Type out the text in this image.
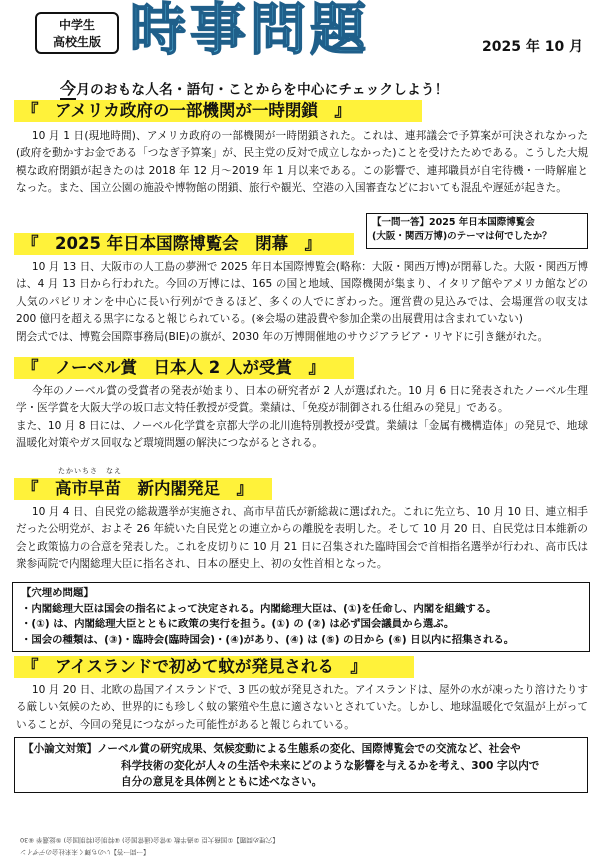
中学生
高校生版 時事問題	2025 年 10 月
今月のおもな人名・語句・ことからを中心にチェックしよう！
『　アメリカ政府の一部機関が一時閉鎖　』

10 月 1 日(現地時間)、アメリカ政府の一部機関が一時閉鎖された。これは、連邦議会で予算案が可決されなかった(政府を動かすお金である「つなぎ予算案」が、民主党の反対で成立しなかった)ことを受けたためである。こうした大規模な政府閉鎖が起きたのは 2018 年 12 月～2019 年 1 月以来である。この影響で、連邦職員が自宅待機・一時解雇となった。また、国立公園の施設や博物館の閉鎖、旅行や観光、空港の入国審査などにおいても混乱や遅延が起きた。

【一問一答】2025 年日本国際博覧会
(大阪・関西万博)のテーマは何でしたか？
『　2025 年日本国際博覧会　閉幕　』

10 月 13 日、大阪市の人工島の夢洲で 2025 年日本国際博覧会(略称：大阪・関西万博)が閉幕した。大阪・関西万博は、4 月 13 日から行われた。今回の万博には、165 の国と地域、国際機関が集まり、イタリア館やアメリカ館などの人気のパビリオンを中心に長い行列ができるほど、多くの人でにぎわった。運営費の見込みでは、会場運営の収支は 200 億円を超える黒字になると報じられている。(※会場の建設費や参加企業の出展費用は含まれていない)

閉会式では、博覧会国際事務局(BIE)の旗が、2030 年の万博開催地のサウジアラビア・リヤドに引き継がれた。

『　ノーベル賞　日本人 2 人が受賞　』

今年のノーベル賞の受賞者の発表が始まり、日本の研究者が 2 人が選ばれた。10 月 6 日に発表されたノーベル生理学・医学賞を大阪大学の坂口志文特任教授が受賞。業績は、「免疫が制御される仕組みの発見」である。

また、10 月 8 日には、ノーベル化学賞を京都大学の北川進特別教授が受賞。業績は「金属有機構造体」の発見で、地球温暖化対策やガス回収など環境問題の解決につながるとされる。

たかいちさ　なえ
『　高市早苗　新内閣発足　』

10 月 4 日、自民党の総裁選挙が実施され、高市早苗氏が新総裁に選ばれた。これに先立ち、10 月 10 日、連立相手だった公明党が、およそ 26 年続いた自民党との連立からの離脱を表明した。そして 10 月 20 日、自民党は日本維新の会と政策協力の合意を発表した。これを皮切りに 10 月 21 日に召集された臨時国会で首相指名選挙が行われ、高市氏は衆参両院で内閣総理大臣に指名され、日本の歴史上、初の女性首相となった。

【穴埋め問題】
・内閣総理大臣は国会の指名によって決定される。内閣総理大臣は、(①)を任命し、内閣を組織する。
・(①) は、内閣総理大臣とともに政策の実行を担う。(①) の (②) は必ず国会議員から選ぶ。
・国会の種類は、(③)・臨時会(臨時国会)・(④)があり、(④) は (⑤) の日から (⑥) 日以内に招集される。
『　アイスランドで初めて蚊が発見される　』

10 月 20 日、北欧の島国アイスランドで、3 匹の蚊が発見された。アイスランドは、屋外の水が凍ったり溶けたりする厳しい気候のため、世界的にも珍しく蚊の繁殖や生息に適さないとされていた。しかし、地球温暖化で気温が上がっていることが、今回の発見につながった可能性があると報じられている。

【小論文対策】ノーベル賞の研究成果、気候変動による生態系の変化、国際博覧会での交流など、社会や
科学技術の変化が人々の生活や未来にどのような影響を与えるかを考え、300 字以内で
自分の意見を具体例とともに述べなさい。
【穴埋め問題】①国務大臣 ②過半数 ③常会(通常国会) ④特別会(特別国会) ⑤総選挙 ⑥30
【一問一答】いのち輝く未来社会のデザイン
